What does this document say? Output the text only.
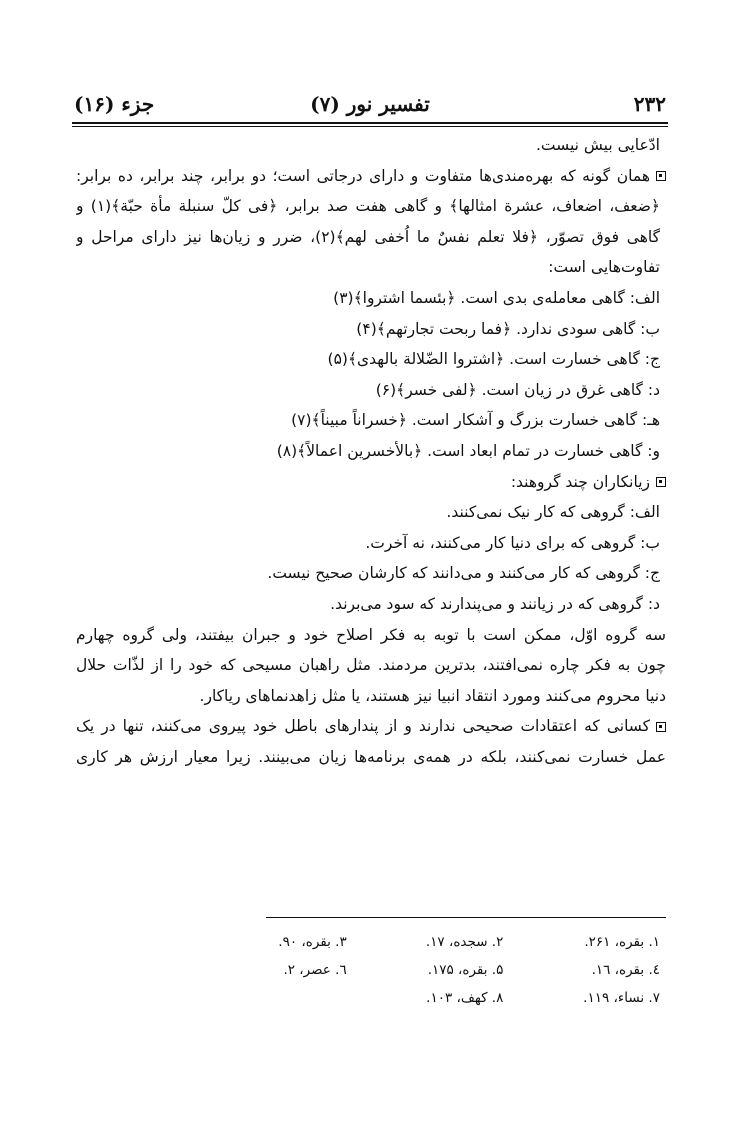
۲۳۲
تفسیر نور (۷)
جزء (۱۶)
ادّعایی بیش نیست.
همان گونه که بهره‌مندی‌ها متفاوت و دارای درجاتی است؛ دو برابر، چند برابر، ده برابر:
﴿ضعف، اضعاف، عشرة امثالها﴾ و گاهی هفت صد برابر، ﴿فی کلّ سنبلة مأة حبّة﴾(۱) و
گاهی فوق تصوّر، ﴿فلا تعلم نفسٌ ما اُخفی لهم﴾(۲)، ضرر و زیان‌ها نیز دارای مراحل و
تفاوت‌هایی است:
الف: گاهی معامله‌ی بدی است. ﴿بئسما اشتروا﴾(۳)
ب: گاهی سودی ندارد. ﴿فما ربحت تجارتهم﴾(۴)
ج: گاهی خسارت است. ﴿اشتروا الضّلالة بالهدی﴾(۵)
د: گاهی غرق در زیان است. ﴿لفی خسر﴾(۶)
هـ: گاهی خسارت بزرگ و آشکار است. ﴿خسراناً مبیناً﴾(۷)
و: گاهی خسارت در تمام ابعاد است. ﴿بالأخسرین اعمالاً﴾(۸)
زیانکاران چند گروهند:
الف: گروهی که کار نیک نمی‌کنند.
ب: گروهی که برای دنیا کار می‌کنند، نه آخرت.
ج: گروهی که کار می‌کنند و می‌دانند که کارشان صحیح نیست.
د: گروهی که در زیانند و می‌پندارند که سود می‌برند.
سه گروه اوّل، ممکن است با توبه به فکر اصلاح خود و جبران بیفتند، ولی گروه چهارم
چون به فکر چاره نمی‌افتند، بدترین مردمند. مثل راهبان مسیحی که خود را از لذّات حلال
دنیا محروم می‌کنند ومورد انتقاد انبیا نیز هستند، یا مثل زاهدنماهای ریاکار.
کسانی که اعتقادات صحیحی ندارند و از پندارهای باطل خود پیروی می‌کنند، تنها در یک
عمل خسارت نمی‌کنند، بلکه در همه‌ی برنامه‌ها زیان می‌بینند. زیرا معیار ارزش هر کاری
۱. بقره، ۲۶۱.
۲. سجده، ۱۷.
۳. بقره، ۹۰.
٤. بقره، ۱٦.
۵. بقره، ۱۷۵.
٦. عصر، ۲.
۷. نساء، ۱۱۹.
۸. کهف، ۱۰۳.
